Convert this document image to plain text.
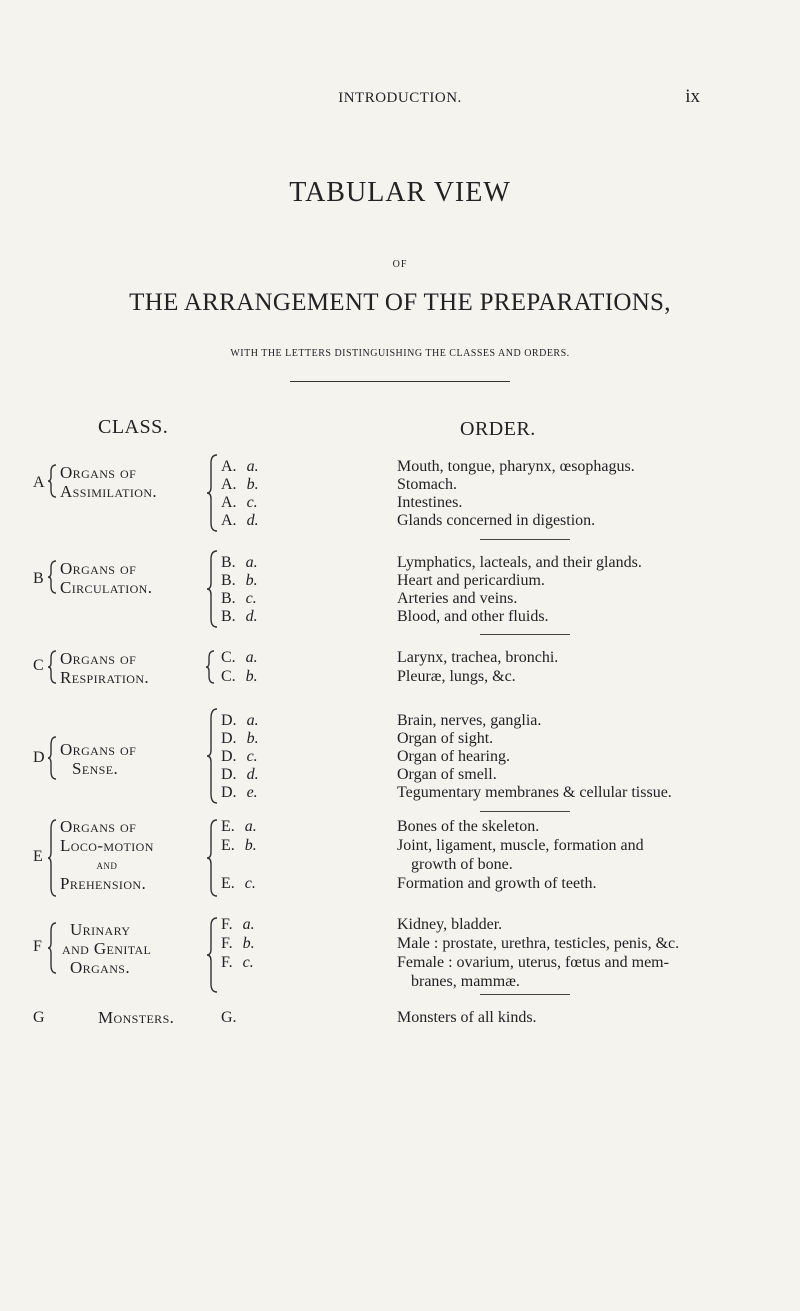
INTRODUCTION.	ix
TABULAR VIEW
OF
THE ARRANGEMENT OF THE PREPARATIONS,
WITH THE LETTERS DISTINGUISHING THE CLASSES AND ORDERS.
CLASS.	ORDER.
A
Organs of
Assimilation.
A. a.	Mouth, tongue, pharynx, œsophagus.
A. b.	Stomach.
A. c.	Intestines.
A. d.	Glands concerned in digestion.
B
Organs of
Circulation.
B. a.	Lymphatics, lacteals, and their glands.
B. b.	Heart and pericardium.
B. c.	Arteries and veins.
B. d.	Blood, and other fluids.
C Organs of
Respiration.
C. a.	Larynx, trachea, bronchi.
C. b.	Pleuræ, lungs, &c.
D Organs of
Sense.
D. a.	Brain, nerves, ganglia.
D. b.	Organ of sight.
D. c.	Organ of hearing.
D. d.	Organ of smell.
D. e.	Tegumentary membranes & cellular tissue.
E
Organs of
Loco-motion
and
Prehension.
E. a.	Bones of the skeleton.
E. b.	Joint, ligament, muscle, formation and
growth of bone.
E. c.	Formation and growth of teeth.
F
Urinary
and Genital
Organs.
F. a.	Kidney, bladder.
F. b.	Male : prostate, urethra, testicles, penis, &c.
F. c.	Female : ovarium, uterus, fœtus and mem-
branes, mammæ.
G	Monsters.	G.	Monsters of all kinds.
